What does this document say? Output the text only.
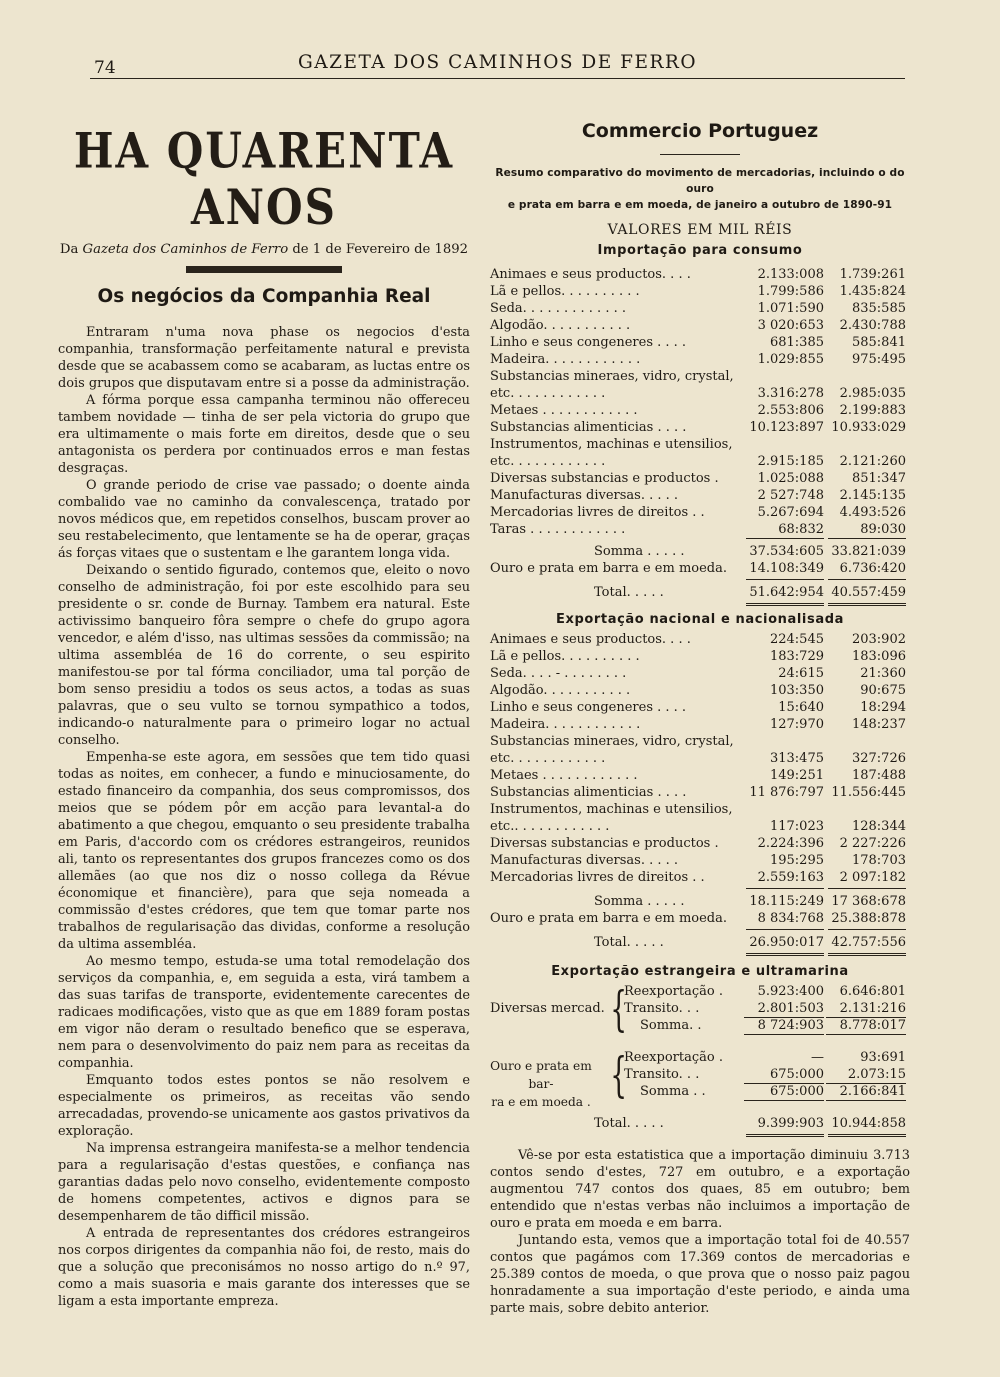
74	GAZETA DOS CAMINHOS DE FERRO
HA QUARENTA ANOS
Da Gazeta dos Caminhos de Ferro de 1 de Fevereiro de 1892
Os negócios da Companhia Real

Entraram n'uma nova phase os negocios d'esta companhia, transformação perfeitamente natural e prevista desde que se acabassem como se acabaram, as luctas entre os dois grupos que disputavam entre si a posse da administração.

A fórma porque essa campanha terminou não offereceu tambem novidade — tinha de ser pela victoria do grupo que era ultimamente o mais forte em direitos, desde que o seu antagonista os perdera por continuados erros e man festas desgraças.

O grande periodo de crise vae passado; o doente ainda combalido vae no caminho da convalescença, tratado por novos médicos que, em repetidos conselhos, buscam prover ao seu restabelecimento, que lentamente se ha de operar, graças ás forças vitaes que o sustentam e lhe garantem longa vida.

Deixando o sentido figurado, contemos que, eleito o novo conselho de administração, foi por este escolhido para seu presidente o sr. conde de Burnay. Tambem era natural. Este activissimo banqueiro fôra sempre o chefe do grupo agora vencedor, e além d'isso, nas ultimas sessões da commissão; na ultima assembléa de 16 do corrente, o seu espirito manifestou-se por tal fórma conciliador, uma tal porção de bom senso presidiu a todos os seus actos, a todas as suas palavras, que o seu vulto se tornou sympathico a todos, indicando-o naturalmente para o primeiro logar no actual conselho.

Empenha-se este agora, em sessões que tem tido quasi todas as noites, em conhecer, a fundo e minuciosamente, do estado financeiro da companhia, dos seus compromissos, dos meios que se pódem pôr em acção para levantal-a do abatimento a que chegou, emquanto o seu presidente trabalha em Paris, d'accordo com os crédores estrangeiros, reunidos ali, tanto os representantes dos grupos francezes como os dos allemães (ao que nos diz o nosso collega da Révue économique et financière), para que seja nomeada a commissão d'estes crédores, que tem que tomar parte nos trabalhos de regularisação das dividas, conforme a resolução da ultima assembléa.

Ao mesmo tempo, estuda-se uma total remodelação dos serviços da companhia, e, em seguida a esta, virá tambem a das suas tarifas de transporte, evidentemente carecentes de radicaes modificações, visto que as que em 1889 foram postas em vigor não deram o resultado benefico que se esperava, nem para o desenvolvimento do paiz nem para as receitas da companhia.

Emquanto todos estes pontos se não resolvem e especialmente os primeiros, as receitas vão sendo arrecadadas, provendo-se unicamente aos gastos privativos da exploração.

Na imprensa estrangeira manifesta-se a melhor tendencia para a regularisação d'estas questões, e confiança nas garantias dadas pelo novo conselho, evidentemente composto de homens competentes, activos e dignos para se desempenharem de tão difficil missão.

A entrada de representantes dos crédores estrangeiros nos corpos dirigentes da companhia não foi, de resto, mais do que a solução que preconisámos no nosso artigo do n.º 97, como a mais suasoria e mais garante dos interesses que se ligam a esta importante empreza.

Commercio Portuguez
Resumo comparativo do movimento de mercadorias, incluindo o do ouro
e prata em barra e em moeda, de janeiro a outubro de 1890-91
VALORES EM MIL RÉIS
Importação para consumo
Animaes e seus productos. . . .	2.133:008	1.739:261
Lã e pellos. . . . . . . . . .	1.799:586	1.435:824
Seda. . . . . . . . . . . . .	1.071:590	835:585
Algodão. . . . . . . . . . .	3 020:653	2.430:788
Linho e seus congeneres . . . .	681:385	585:841
Madeira. . . . . . . . . . . .	1.029:855	975:495
Substancias mineraes, vidro, crystal,
etc. . . . . . . . . . . .	3.316:278	2.985:035
Metaes . . . . . . . . . . . .	2.553:806	2.199:883
Substancias alimenticias . . . .	10.123:897 10.933:029
Instrumentos, machinas e utensilios,
etc. . . . . . . . . . . .	2.915:185	2.121:260
Diversas substancias e productos .	1.025:088	851:347
Manufacturas diversas. . . . .	2 527:748	2.145:135
Mercadorias livres de direitos . .	5.267:694	4.493:526
Taras . . . . . . . . . . . .	68:832	89:030
Somma . . . . .	37.534:605 33.821:039
Ouro e prata em barra e em moeda.	14.108:349	6.736:420
Total. . . . .	51.642:954 40.557:459
Exportação nacional e nacionalisada
Animaes e seus productos. . . .	224:545	203:902
Lã e pellos. . . . . . . . . .	183:729	183:096
Seda. . . . - . . . . . . . .	24:615	21:360
Algodão. . . . . . . . . . .	103:350	90:675
Linho e seus congeneres . . . .	15:640	18:294
Madeira. . . . . . . . . . . .	127:970	148:237
Substancias mineraes, vidro, crystal,
etc. . . . . . . . . . . .	313:475	327:726
Metaes . . . . . . . . . . . .	149:251	187:488
Substancias alimenticias . . . .	11 876:797 11.556:445
Instrumentos, machinas e utensilios,
etc.. . . . . . . . . . . .	117:023	128:344
Diversas substancias e productos .	2.224:396	2 227:226
Manufacturas diversas. . . . .	195:295	178:703
Mercadorias livres de direitos . .	2.559:163	2 097:182
Somma . . . . .	18.115:249 17 368:678
Ouro e prata em barra e em moeda.	8 834:768 25.388:878
Total. . . . .	26.950:017 42.757:556
Exportação estrangeira e ultramarina
Diversas mercad. {
Reexportação .	5.923:400	6.646:801
Transito. . .	2.801:503	2.131:216
Somma. .	8 724:903	8.778:017
Ouro e prata em bar-
ra e em moeda . {
Reexportação .	—	93:691
Transito. . .	675:000	2.073:15
Somma . .	675:000	2.166:841
Total. . . . .	9.399:903 10.944:858

Vê-se por esta estatistica que a importação diminuiu 3.713 contos sendo d'estes, 727 em outubro, e a exportação augmentou 747 contos dos quaes, 85 em outubro; bem entendido que n'estas verbas não incluimos a importação de ouro e prata em moeda e em barra.

Juntando esta, vemos que a importação total foi de 40.557 contos que pagámos com 17.369 contos de mercadorias e 25.389 contos de moeda, o que prova que o nosso paiz pagou honradamente a sua importação d'este periodo, e ainda uma parte mais, sobre debito anterior.
